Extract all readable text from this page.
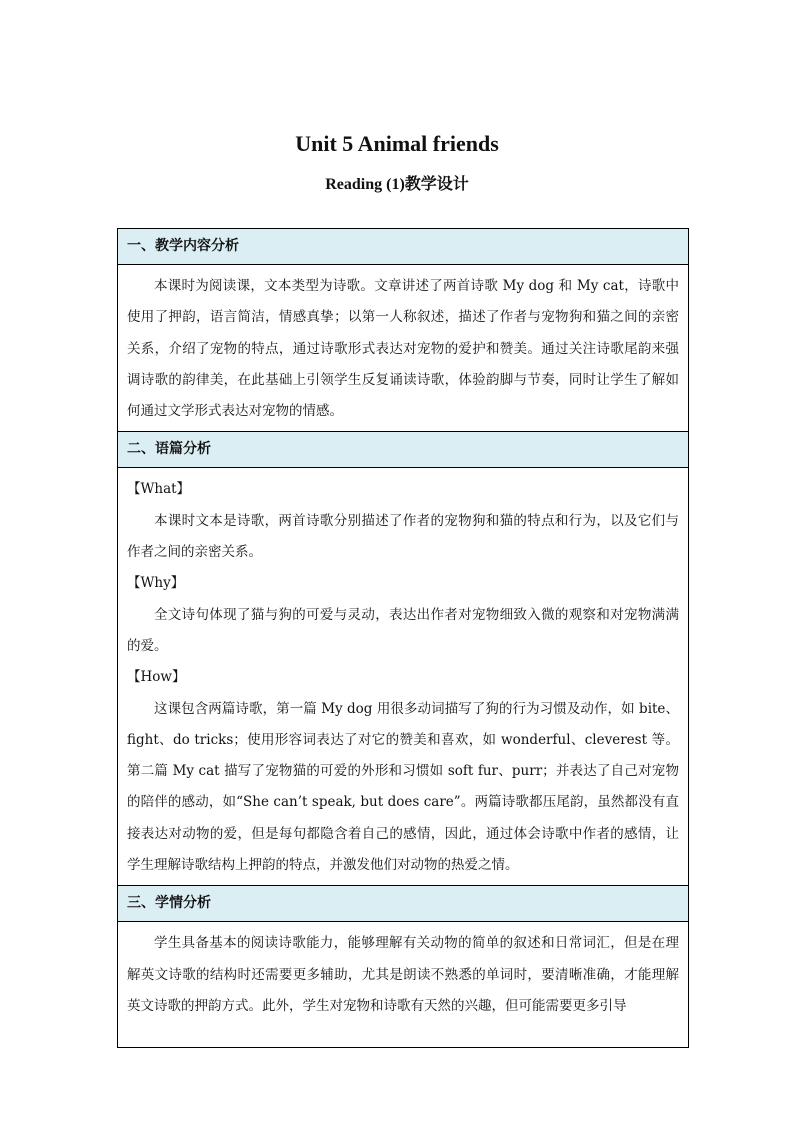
Unit 5 Animal friends
Reading (1)教学设计
一、教学内容分析

本课时为阅读课，文本类型为诗歌。文章讲述了两首诗歌 My dog 和 My cat，诗歌中使用了押韵，语言简洁，情感真挚；以第一人称叙述，描述了作者与宠物狗和猫之间的亲密关系，介绍了宠物的特点，通过诗歌形式表达对宠物的爱护和赞美。通过关注诗歌尾韵来强调诗歌的韵律美，在此基础上引领学生反复诵读诗歌，体验韵脚与节奏，同时让学生了解如何通过文学形式表达对宠物的情感。

二、语篇分析

【What】

本课时文本是诗歌，两首诗歌分别描述了作者的宠物狗和猫的特点和行为，以及它们与作者之间的亲密关系。

【Why】

全文诗句体现了猫与狗的可爱与灵动，表达出作者对宠物细致入微的观察和对宠物满满的爱。

【How】

这课包含两篇诗歌，第一篇 My dog 用很多动词描写了狗的行为习惯及动作，如 bite、fight、do tricks；使用形容词表达了对它的赞美和喜欢，如 wonderful、cleverest 等。第二篇 My cat 描写了宠物猫的可爱的外形和习惯如 soft fur、purr；并表达了自己对宠物的陪伴的感动，如“She can’t speak, but does care”。两篇诗歌都压尾韵，虽然都没有直接表达对动物的爱，但是每句都隐含着自己的感情，因此，通过体会诗歌中作者的感情，让学生理解诗歌结构上押韵的特点，并激发他们对动物的热爱之情。

三、学情分析

学生具备基本的阅读诗歌能力，能够理解有关动物的简单的叙述和日常词汇，但是在理解英文诗歌的结构时还需要更多辅助，尤其是朗读不熟悉的单词时，要清晰准确，才能理解英文诗歌的押韵方式。此外，学生对宠物和诗歌有天然的兴趣，但可能需要更多引导
